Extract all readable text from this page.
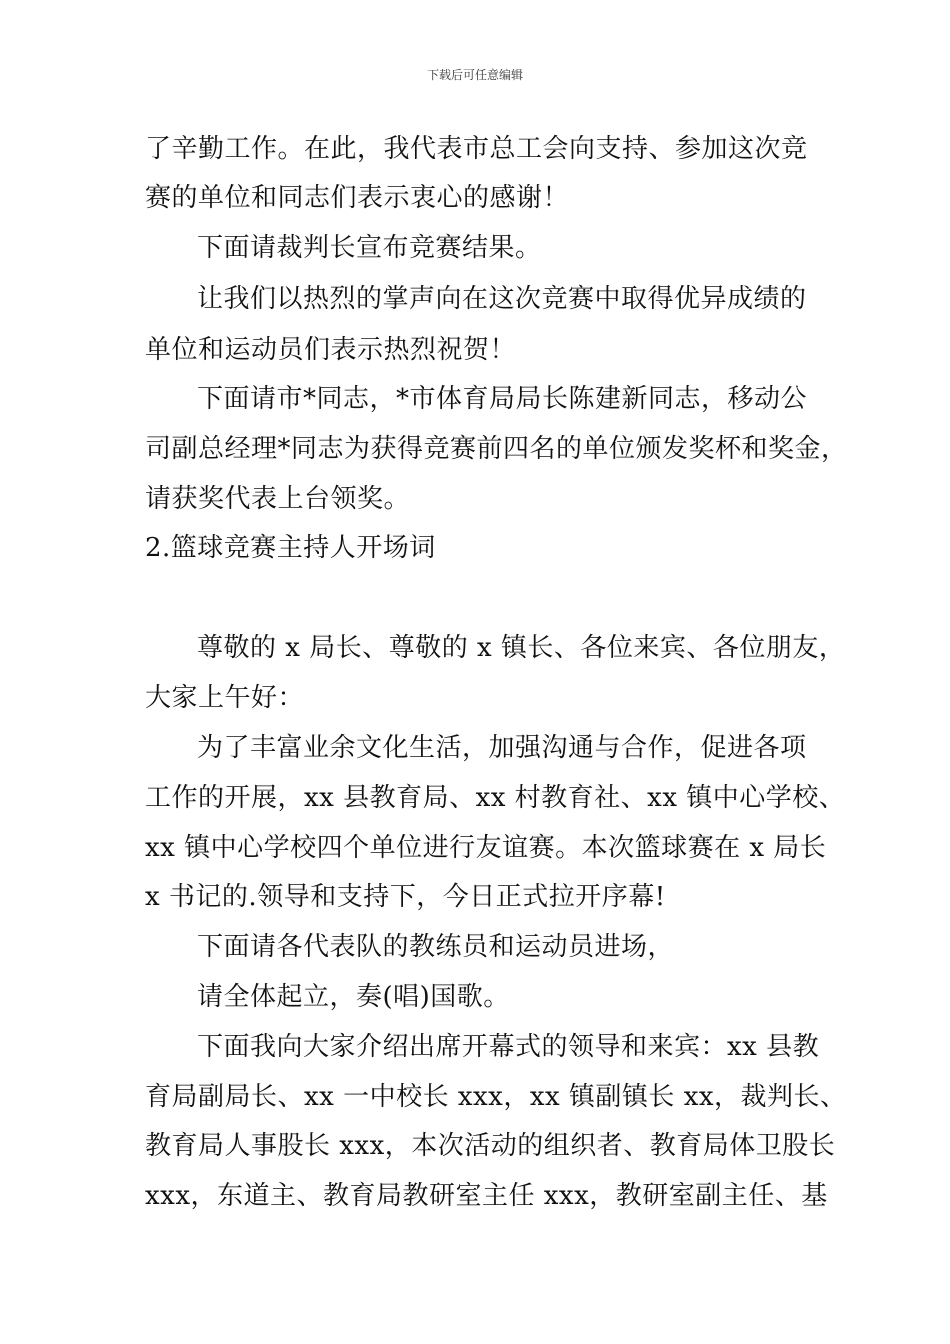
下载后可任意编辑
了辛勤工作。在此，我代表市总工会向支持、参加这次竞
赛的单位和同志们表示衷心的感谢！
下面请裁判长宣布竞赛结果。
让我们以热烈的掌声向在这次竞赛中取得优异成绩的
单位和运动员们表示热烈祝贺！
下面请市*同志，*市体育局局长陈建新同志，移动公
司副总经理*同志为获得竞赛前四名的单位颁发奖杯和奖金，
请获奖代表上台领奖。
2.篮球竞赛主持人开场词
尊敬的 x 局长、尊敬的 x 镇长、各位来宾、各位朋友，
大家上午好：
为了丰富业余文化生活，加强沟通与合作，促进各项
工作的开展，xx 县教育局、xx 村教育社、xx 镇中心学校、
xx 镇中心学校四个单位进行友谊赛。本次篮球赛在 x 局长
x 书记的.领导和支持下，今日正式拉开序幕!
下面请各代表队的教练员和运动员进场，
请全体起立，奏(唱)国歌。
下面我向大家介绍出席开幕式的领导和来宾：xx 县教
育局副局长、xx 一中校长 xxx，xx 镇副镇长 xx，裁判长、
教育局人事股长 xxx，本次活动的组织者、教育局体卫股长
xxx，东道主、教育局教研室主任 xxx，教研室副主任、基
